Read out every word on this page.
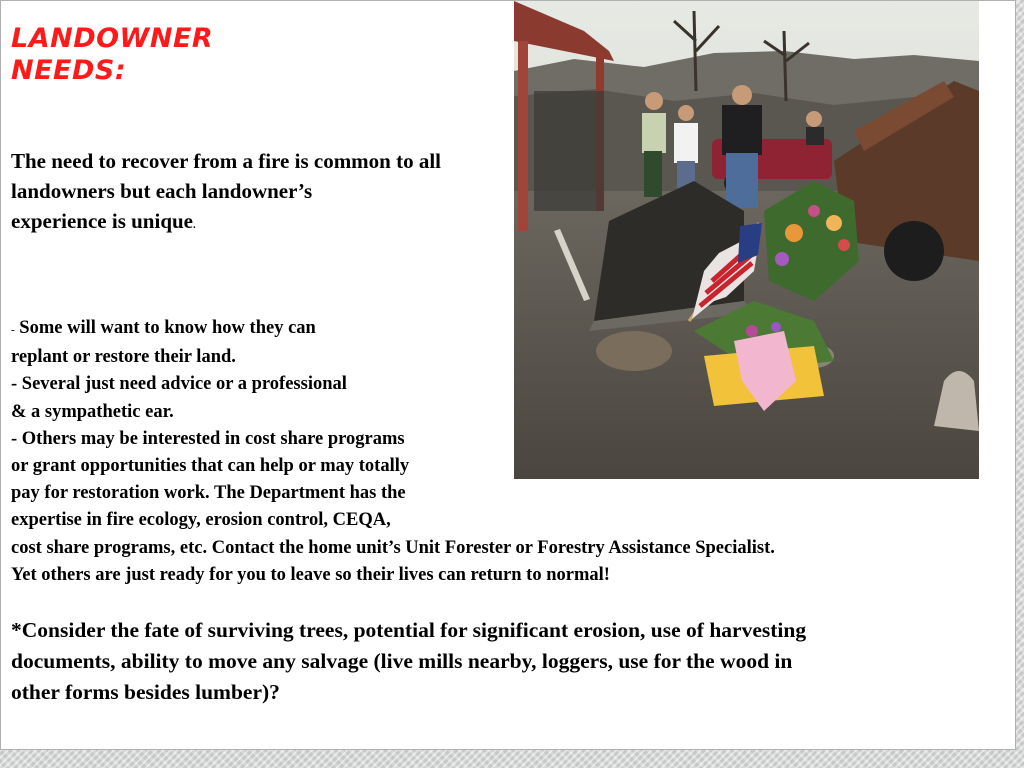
LANDOWNER
NEEDS:

The need to recover from a fire is common to all
landowners but each landowner’s
experience is unique.

- Some will want to know how they can
replant or restore their land.
- Several just need advice or a professional
& a sympathetic ear.
- Others may be interested in cost share programs
or grant opportunities that can help or may totally
pay for restoration work. The Department has the
expertise in fire ecology, erosion control, CEQA,
cost share programs, etc. Contact the home unit’s Unit Forester or Forestry Assistance Specialist.
Yet others are just ready for you to leave so their lives can return to normal!

*Consider the fate of surviving trees, potential for significant erosion, use of harvesting
documents, ability to move any salvage (live mills nearby, loggers, use for the wood in
other forms besides lumber)?
